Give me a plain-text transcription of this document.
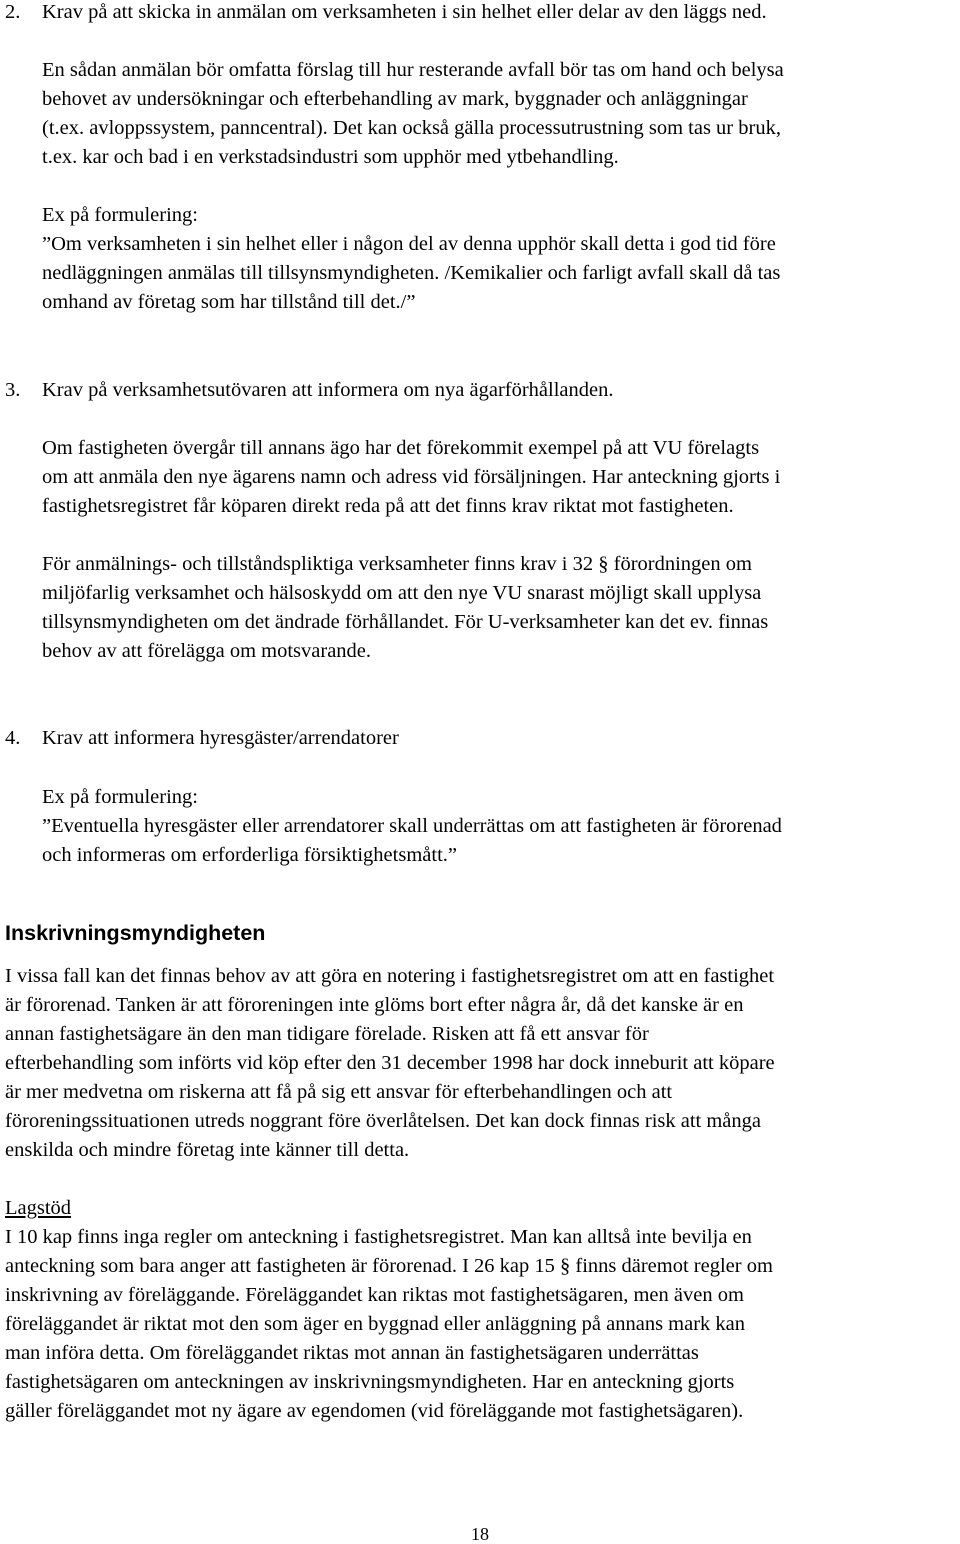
2. Krav på att skicka in anmälan om verksamheten i sin helhet eller delar av den läggs ned.
En sådan anmälan bör omfatta förslag till hur resterande avfall bör tas om hand och belysa
behovet av undersökningar och efterbehandling av mark, byggnader och anläggningar
(t.ex. avloppssystem, panncentral). Det kan också gälla processutrustning som tas ur bruk,
t.ex. kar och bad i en verkstadsindustri som upphör med ytbehandling.
Ex på formulering:
”Om verksamheten i sin helhet eller i någon del av denna upphör skall detta i god tid före
nedläggningen anmälas till tillsynsmyndigheten. /Kemikalier och farligt avfall skall då tas
omhand av företag som har tillstånd till det./”
3. Krav på verksamhetsutövaren att informera om nya ägarförhållanden.
Om fastigheten övergår till annans ägo har det förekommit exempel på att VU förelagts
om att anmäla den nye ägarens namn och adress vid försäljningen. Har anteckning gjorts i
fastighetsregistret får köparen direkt reda på att det finns krav riktat mot fastigheten.
För anmälnings- och tillståndspliktiga verksamheter finns krav i 32 § förordningen om
miljöfarlig verksamhet och hälsoskydd om att den nye VU snarast möjligt skall upplysa
tillsynsmyndigheten om det ändrade förhållandet. För U-verksamheter kan det ev. finnas
behov av att förelägga om motsvarande.
4. Krav att informera hyresgäster/arrendatorer
Ex på formulering:
”Eventuella hyresgäster eller arrendatorer skall underrättas om att fastigheten är förorenad
och informeras om erforderliga försiktighetsmått.”
Inskrivningsmyndigheten
I vissa fall kan det finnas behov av att göra en notering i fastighetsregistret om att en fastighet
är förorenad. Tanken är att föroreningen inte glöms bort efter några år, då det kanske är en
annan fastighetsägare än den man tidigare förelade. Risken att få ett ansvar för
efterbehandling som införts vid köp efter den 31 december 1998 har dock inneburit att köpare
är mer medvetna om riskerna att få på sig ett ansvar för efterbehandlingen och att
föroreningssituationen utreds noggrant före överlåtelsen. Det kan dock finnas risk att många
enskilda och mindre företag inte känner till detta.
Lagstöd
I 10 kap finns inga regler om anteckning i fastighetsregistret. Man kan alltså inte bevilja en
anteckning som bara anger att fastigheten är förorenad. I 26 kap 15 § finns däremot regler om
inskrivning av föreläggande. Föreläggandet kan riktas mot fastighetsägaren, men även om
föreläggandet är riktat mot den som äger en byggnad eller anläggning på annans mark kan
man införa detta. Om föreläggandet riktas mot annan än fastighetsägaren underrättas
fastighetsägaren om anteckningen av inskrivningsmyndigheten. Har en anteckning gjorts
gäller föreläggandet mot ny ägare av egendomen (vid föreläggande mot fastighetsägaren).
18
